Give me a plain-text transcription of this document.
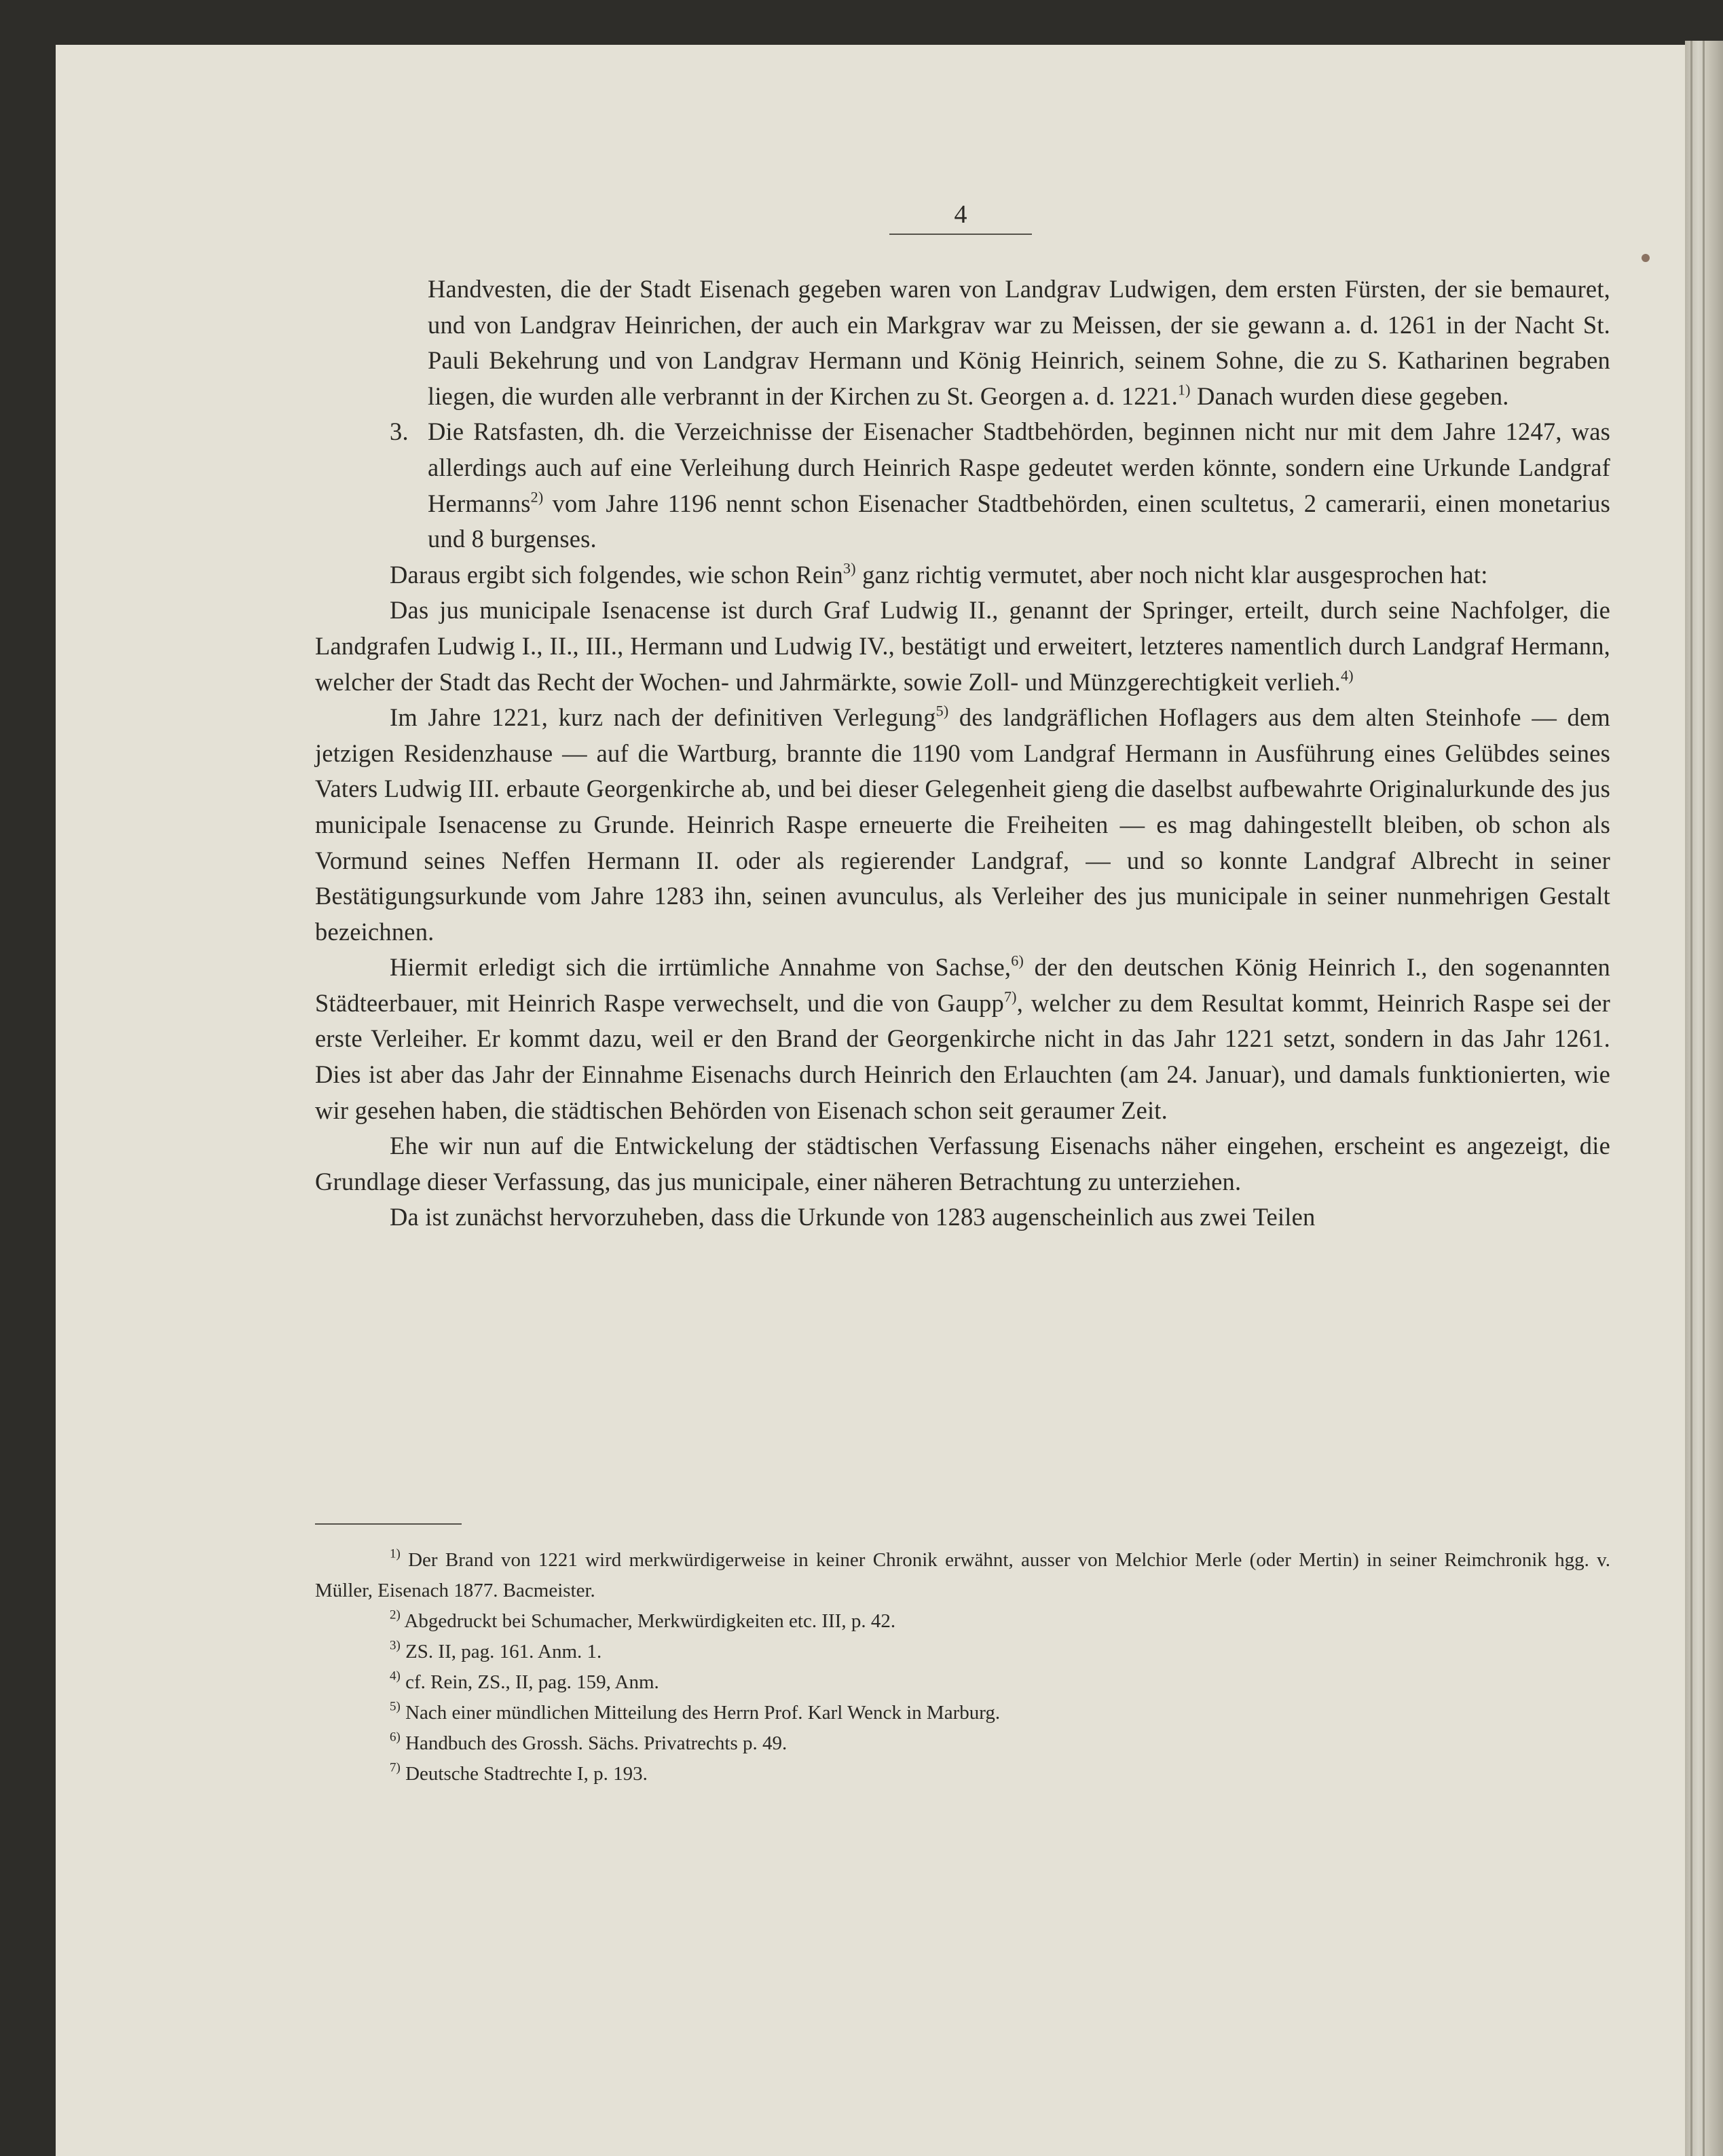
4

Handvesten, die der Stadt Eisenach gegeben waren von Landgrav Ludwigen, dem ersten Fürsten, der sie bemauret, und von Landgrav Heinrichen, der auch ein Markgrav war zu Meissen, der sie gewann a. d. 1261 in der Nacht St. Pauli Bekehrung und von Landgrav Hermann und König Heinrich, seinem Sohne, die zu S. Katharinen begraben liegen, die wurden alle verbrannt in der Kirchen zu St. Georgen a. d. 1221.$^{1)}$ Danach wurden diese gegeben.

3. Die Ratsfasten, dh. die Verzeichnisse der Eisenacher Stadtbehörden, beginnen nicht nur mit dem Jahre 1247, was allerdings auch auf eine Verleihung durch Heinrich Raspe gedeutet werden könnte, sondern eine Urkunde Landgraf Hermanns$^{2)}$ vom Jahre 1196 nennt schon Eisenacher Stadtbehörden, einen scultetus, 2 camerarii, einen monetarius und 8 burgenses.

Daraus ergibt sich folgendes, wie schon Rein$^{3)}$ ganz richtig vermutet, aber noch nicht klar ausgesprochen hat:

Das jus municipale Isenacense ist durch Graf Ludwig II., genannt der Springer, erteilt, durch seine Nachfolger, die Landgrafen Ludwig I., II., III., Hermann und Ludwig IV., bestätigt und erweitert, letzteres namentlich durch Landgraf Hermann, welcher der Stadt das Recht der Wochen- und Jahrmärkte, sowie Zoll- und Münzgerechtigkeit verlieh.$^{4)}$

Im Jahre 1221, kurz nach der definitiven Verlegung$^{5)}$ des landgräflichen Hoflagers aus dem alten Steinhofe — dem jetzigen Residenzhause — auf die Wartburg, brannte die 1190 vom Landgraf Hermann in Ausführung eines Gelübdes seines Vaters Ludwig III. erbaute Georgenkirche ab, und bei dieser Gelegenheit gieng die daselbst aufbewahrte Originalurkunde des jus municipale Isenacense zu Grunde. Heinrich Raspe erneuerte die Freiheiten — es mag dahingestellt bleiben, ob schon als Vormund seines Neffen Hermann II. oder als regierender Landgraf, — und so konnte Landgraf Albrecht in seiner Bestätigungsurkunde vom Jahre 1283 ihn, seinen avunculus, als Verleiher des jus municipale in seiner nunmehrigen Gestalt bezeichnen.

Hiermit erledigt sich die irrtümliche Annahme von Sachse,$^{6)}$ der den deutschen König Heinrich I., den sogenannten Städteerbauer, mit Heinrich Raspe verwechselt, und die von Gaupp$^{7)}$, welcher zu dem Resultat kommt, Heinrich Raspe sei der erste Verleiher. Er kommt dazu, weil er den Brand der Georgenkirche nicht in das Jahr 1221 setzt, sondern in das Jahr 1261. Dies ist aber das Jahr der Einnahme Eisenachs durch Heinrich den Erlauchten (am 24. Januar), und damals funktionierten, wie wir gesehen haben, die städtischen Behörden von Eisenach schon seit geraumer Zeit.

Ehe wir nun auf die Entwickelung der städtischen Verfassung Eisenachs näher eingehen, erscheint es angezeigt, die Grundlage dieser Verfassung, das jus municipale, einer näheren Betrachtung zu unterziehen.

Da ist zunächst hervorzuheben, dass die Urkunde von 1283 augenscheinlich aus zwei Teilen

$^{1)}$ Der Brand von 1221 wird merkwürdigerweise in keiner Chronik erwähnt, ausser von Melchior Merle (oder Mertin) in seiner Reimchronik hgg. v. Müller, Eisenach 1877. Bacmeister.

$^{2)}$ Abgedruckt bei Schumacher, Merkwürdigkeiten etc. III, p. 42.

$^{3)}$ ZS. II, pag. 161. Anm. 1.

$^{4)}$ cf. Rein, ZS., II, pag. 159, Anm.

$^{5)}$ Nach einer mündlichen Mitteilung des Herrn Prof. Karl Wenck in Marburg.

$^{6)}$ Handbuch des Grossh. Sächs. Privatrechts p. 49.

$^{7)}$ Deutsche Stadtrechte I, p. 193.
